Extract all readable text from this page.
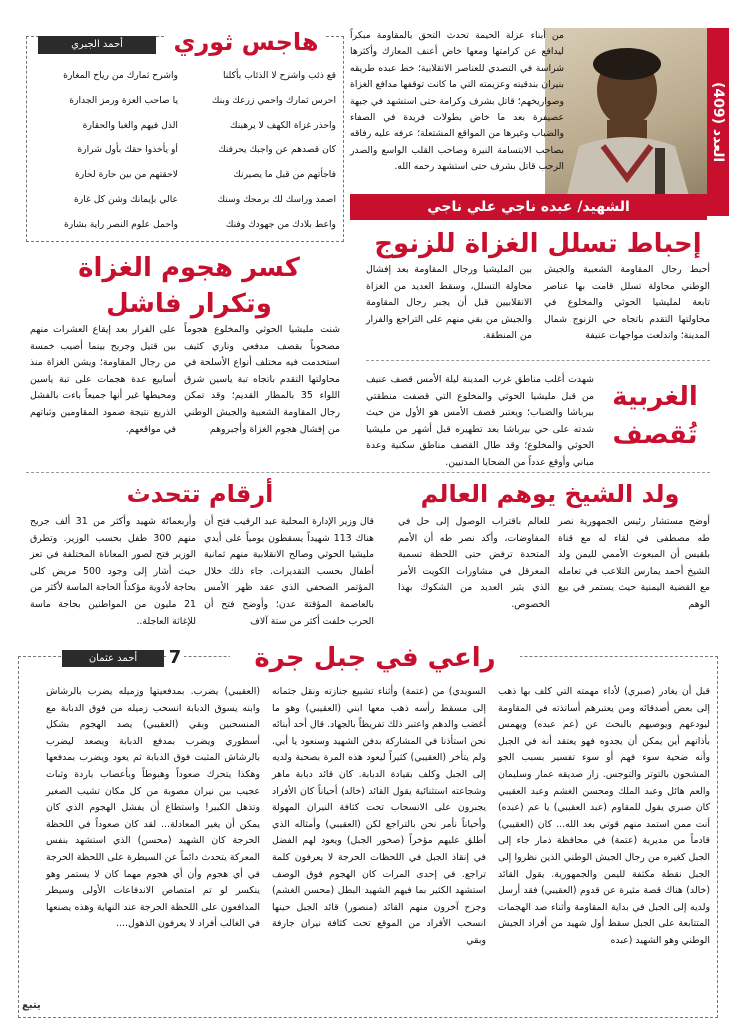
العدد (409)
من أبناء عزلة الحيمة تحدث التحق بالمقاومة مبكراً ليدافع عن كرامتها ومعها خاض أعنف المعارك وأكثرها شراسة في التصدي للعناصر الانقلابية؛ خط عبده طريقه بنيران بندقيته وعزيمته التي ما كانت توقفها مدافع الغزاة وصواريخهم؛ قاتل بشرف وكرامة حتى استشهد في جبهة عصيفرة بعد ما خاض بطولات فريدة في الصفاء والضباب وغيرها من المواقع المشتعلة؛ عرفه عليه رفاقه بصاحب الابتسامة النيرة وصاحب القلب الواسع والصدر الرحب قاتل بشرف حتى استشهد رحمه الله.
الشهيد/ عبده ناجي علي ناجي
هاجس ثوري
أحمد الجبري
قع ذئب واشرح لا الذئاب بأكلنا
احرس ثمارك واحمي زرعك وبنك
واحذر غزاة الكهف لا يرهبنك
كان قصدهم عن واجبك يحرفنك
فاجأتهم من قبل ما يصيرنك
اصمد وراسك لك برمحك وسنك
واعط بلادك من جهودك وفنك
واشرح ثمارك من رياح المغارة
يا صاحب العزة ورمز الجدارة
الذل فيهم والغبا والحقارة
أو يأخذوا حقك بأول شرارة
لاحقتهم من بين حارة لحارة
عالي بإيمانك وشن كل غارة
واحمل علوم النصر راية بشارة
إحباط تسلل الغزاة للزنوج
أحبط رجال المقاومة الشعبية والجيش الوطني محاولة تسلل قامت بها عناصر تابعة لمليشيا الحوثي والمخلوع في محاولتها التقدم باتجاه حي الزنوج شمال المدينة؛ واندلعت مواجهات عنيفة
بين المليشيا ورجال المقاومة بعد إفشال محاولة التسلل، وسقط العديد من الغزاة الانقلابيين قبل أن يجبر رجال المقاومة والجيش من بقي منهم على التراجع والفرار من المنطقة.
كسر هجوم الغزاة
وتكرار فاشل
شنت مليشيا الحوثي والمخلوع هجوماً مصحوباً بقصف مدفعي وناري كثيف استخدمت فيه مختلف أنواع الأسلحة في محاولتها التقدم باتجاه تبة ياسين شرق اللواء 35 بالمطار القديم؛ وقد تمكن رجال المقاومة الشعبية والجيش الوطني من إفشال هجوم الغزاة وأجبروهم
على الفرار بعد إيقاع العشرات منهم بين قتيل وجريح بينما أصيب خمسة من رجال المقاومة؛ ويشن الغزاة منذ أسابيع عدة هجمات على تبة ياسين ومحيطها غير أنها جميعاً باءت بالفشل الذريع نتيجة صمود المقاومين وثباتهم في مواقعهم.
الغربية
تُقصف
شهدت أغلب مناطق غرب المدينة ليلة الأمس قصف عنيف من قبل مليشيا الحوثي والمخلوع التي قصفت منطقتي بيرباشا والضباب؛ ويعتبر قصف الأمس هو الأول من حيث شدته على حي بيرباشا بعد تطهيره قبل أشهر من مليشيا الحوثي والمخلوع؛ وقد طال القصف مناطق سكنية وعدة مباني وأوقع عدداً من الضحايا المدنيين.
ولد الشيخ يوهم العالم
أوضح مستشار رئيس الجمهورية نصر طه مصطفى في لقاء له مع قناة بلقيس أن المبعوث الأممي لليمن ولد الشيخ أحمد يمارس التلاعب في تعامله مع القضية اليمنية حيث يستمر في بيع الوهم
للعالم باقتراب الوصول إلى حل في المفاوضات، وأكد نصر طه أن الأمم المتحدة ترفض حتى اللحظة تسمية المعرقل في مشاورات الكويت الأمر الذي يثير العديد من الشكوك بهذا الخصوص.
أرقام تتحدث
قال وزير الإدارة المحلية عبد الرقيب فتح أن هناك 113 شهيداً يسقطون يومياً على أيدي مليشيا الحوثي وصالح الانقلابية منهم ثمانية أطفال بحسب التقديرات. جاء ذلك خلال المؤتمر الصحفي الذي عقد ظهر الأمس بالعاصمة المؤقتة عدن؛ وأوضح فتح أن الحرب خلفت أكثر من ستة آلاف
وأربعمائة شهيد وأكثر من 31 ألف جريح منهم 300 طفل بحسب الوزير. وتطرق الوزير فتح لصور المعاناة المختلفة في تعز حيث أشار إلى وجود 500 مريض كلى بحاجة لأدوية مؤكداً الحاجة الماسة لأكثر من 21 مليون من المواطنين بحاجة ماسة للإغاثة العاجلة..
راعي في جبل جرة
7
أحمد عثمان
قبل أن يغادر (صبري) لأداء مهمته التي كلف بها ذهب إلى بعض أصدقائه ومن يعتبرهم أساتذته في المقاومة ليودعهم ويوصيهم بالبحث عن (عم عبده) ويهمس بأذانهم أين يمكن أن يجدوه فهو يعتقد أنه في الجبل وأنه ضحية سوء فهم أو سوء تفسير بسبب الجو المشحون بالتوتر والتوجس. زار صديقه عمار وسليمان والعم هائل وعبد الملك ومحسن الغشم وعبد العقيبي كان صبري يقول للمقاوم (عبد العقيبي) يا عم (عبده) أنت ممن استمد منهم قوتي بعد الله... كان (العقيبي) قادماً من مديرية (عتمة) في محافظة ذمار جاء إلى الجبل كغيره من رجال الجيش الوطني الذين نظروا إلى الجبل نقطة مكثفة لليمن والجمهورية. يقول القائد (خالد) هناك قصة مثيرة عن قدوم (العقيبي) فقد أرسل ولديه إلى الجبل في بداية المقاومة وأثناء صد الهجمات المتتابعة على الجبل سقط أول شهيد من أفراد الجيش الوطني وهو الشهيد (عبده
السويدي) من (عتمة) وأثناء تشييع جنازته ونقل جثمانه إلى مسقط رأسه ذهب معها ابني (العقيبي) وهو ما أغضب والدهم واعتبر ذلك تفريطاً بالجهاد. قال أحد أبنائه نحن استأذنا في المشاركة بدفن الشهيد وسنعود يا أبي. ولم يتأخر (العقيبي) كثيراً ليعود هذه المرة بصحبة ولديه إلى الجبل وكلف بقيادة الدبابة. كان قائد دبابة ماهر وشجاعته استثنائية يقول القائد (خالد) أحياناً كان الأفراد يجبرون على الانسحاب تحت كثافة النيران المهولة وأحياناً نأمر نحن بالتراجع لكن (العقيبي) وأمثاله الذي أطلق عليهم مؤخراً (صخور الجبل) ويعود لهم الفضل في إنقاذ الجبل في اللحظات الحرجة لا يعرفون كلمة تراجع. في إحدى المرات كان الهجوم فوق الوصف استشهد الكثير بما فيهم الشهيد البطل (محسن الغشم) وجرح آخرون منهم القائد (منصور) قائد الجبل حينها انسحب الأفراد من الموقع تحت كثافة نيران جارفة وبقي
(العقيبي) يضرب. بمدفعيتها وزميله يضرب بالرشاش وابنه يسوق الدبابة انسحب زميله من فوق الدبابة مع المنسحبين وبقي (العقيبي) يصد الهجوم بشكل أسطوري ويضرب بمدفع الدبابة ويصعد ليضرب بالرشاش المثبت فوق الدبابة ثم يعود ويضرب بمدفعها وهكذا يتحرك صعوداً وهبوطاً وبأعصاب باردة وثبات عجيب بين نيران مصوبة من كل مكان تشيب الصغير وتذهل الكبير! واستطاع أن يفشل الهجوم الذي كان يمكن أن يغير المعادلة... لقد كان صعوداً في اللحظة الحرجة كان الشهيد (محسن) الذي استشهد بنفس المعركة يتحدث دائماً عن السيطرة على اللحظة الحرجة في أي هجوم وأن أي هجوم مهما كان لا يستمر وهو ينكسر لو تم امتصاص الاندفاعات الأولى وسيطر المدافعون على اللحظة الحرجة عند النهاية وهذه يصنعها في الغالب أفراد لا يعرفون الذهول....
يتبع
